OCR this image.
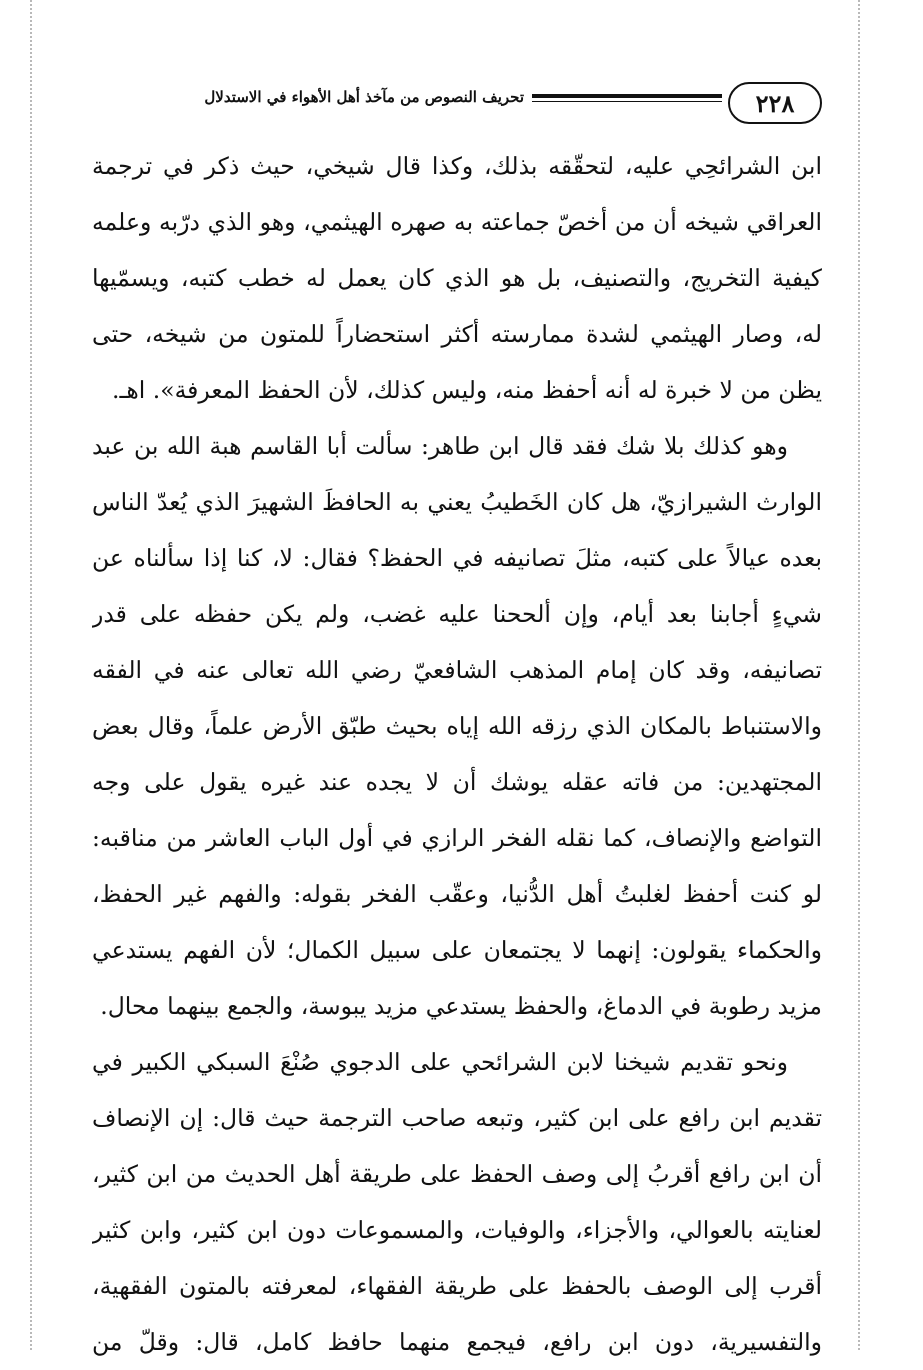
٢٢٨
تحريف النصوص من مآخذ أهل الأهواء في الاستدلال
ابن الشرائحِي عليه، لتحقّقه بذلك، وكذا قال شيخي، حيث ذكر في ترجمة
العراقي شيخه أن من أخصّ جماعته به صهره الهيثمي، وهو الذي درّبه وعلمه
كيفية التخريج، والتصنيف، بل هو الذي كان يعمل له خطب كتبه، ويسمّيها
له، وصار الهيثمي لشدة ممارسته أكثر استحضاراً للمتون من شيخه، حتى
يظن من لا خبرة له أنه أحفظ منه، وليس كذلك، لأن الحفظ المعرفة». اهـ.
وهو كذلك بلا شك فقد قال ابن طاهر: سألت أبا القاسم هبة الله بن عبد
الوارث الشيرازيّ، هل كان الخَطيبُ يعني به الحافظَ الشهيرَ الذي يُعدّ الناس
بعده عيالاً على كتبه، مثلَ تصانيفه في الحفظ؟ فقال: لا، كنا إذا سألناه عن
شيءٍ أجابنا بعد أيام، وإن ألححنا عليه غضب، ولم يكن حفظه على قدر
تصانيفه، وقد كان إمام المذهب الشافعيّ رضي الله تعالى عنه في الفقه
والاستنباط بالمكان الذي رزقه الله إياه بحيث طبّق الأرض علماً، وقال بعض
المجتهدين: من فاته عقله يوشك أن لا يجده عند غيره يقول على وجه
التواضع والإنصاف، كما نقله الفخر الرازي في أول الباب العاشر من مناقبه:
لو كنت أحفظ لغلبتُ أهل الدُّنيا، وعقّب الفخر بقوله: والفهم غير الحفظ،
والحكماء يقولون: إنهما لا يجتمعان على سبيل الكمال؛ لأن الفهم يستدعي
مزيد رطوبة في الدماغ، والحفظ يستدعي مزيد يبوسة، والجمع بينهما محال.
ونحو تقديم شيخنا لابن الشرائحي على الدجوي صُنْعَ السبكي الكبير في
تقديم ابن رافع على ابن كثير، وتبعه صاحب الترجمة حيث قال: إن الإنصاف
أن ابن رافع أقربُ إلى وصف الحفظ على طريقة أهل الحديث من ابن كثير،
لعنايته بالعوالي، والأجزاء، والوفيات، والمسموعات دون ابن كثير، وابن كثير
أقرب إلى الوصف بالحفظ على طريقة الفقهاء، لمعرفته بالمتون الفقهية،
والتفسيرية، دون ابن رافع، فيجمع منهما حافظ كامل، قال: وقلّ من
